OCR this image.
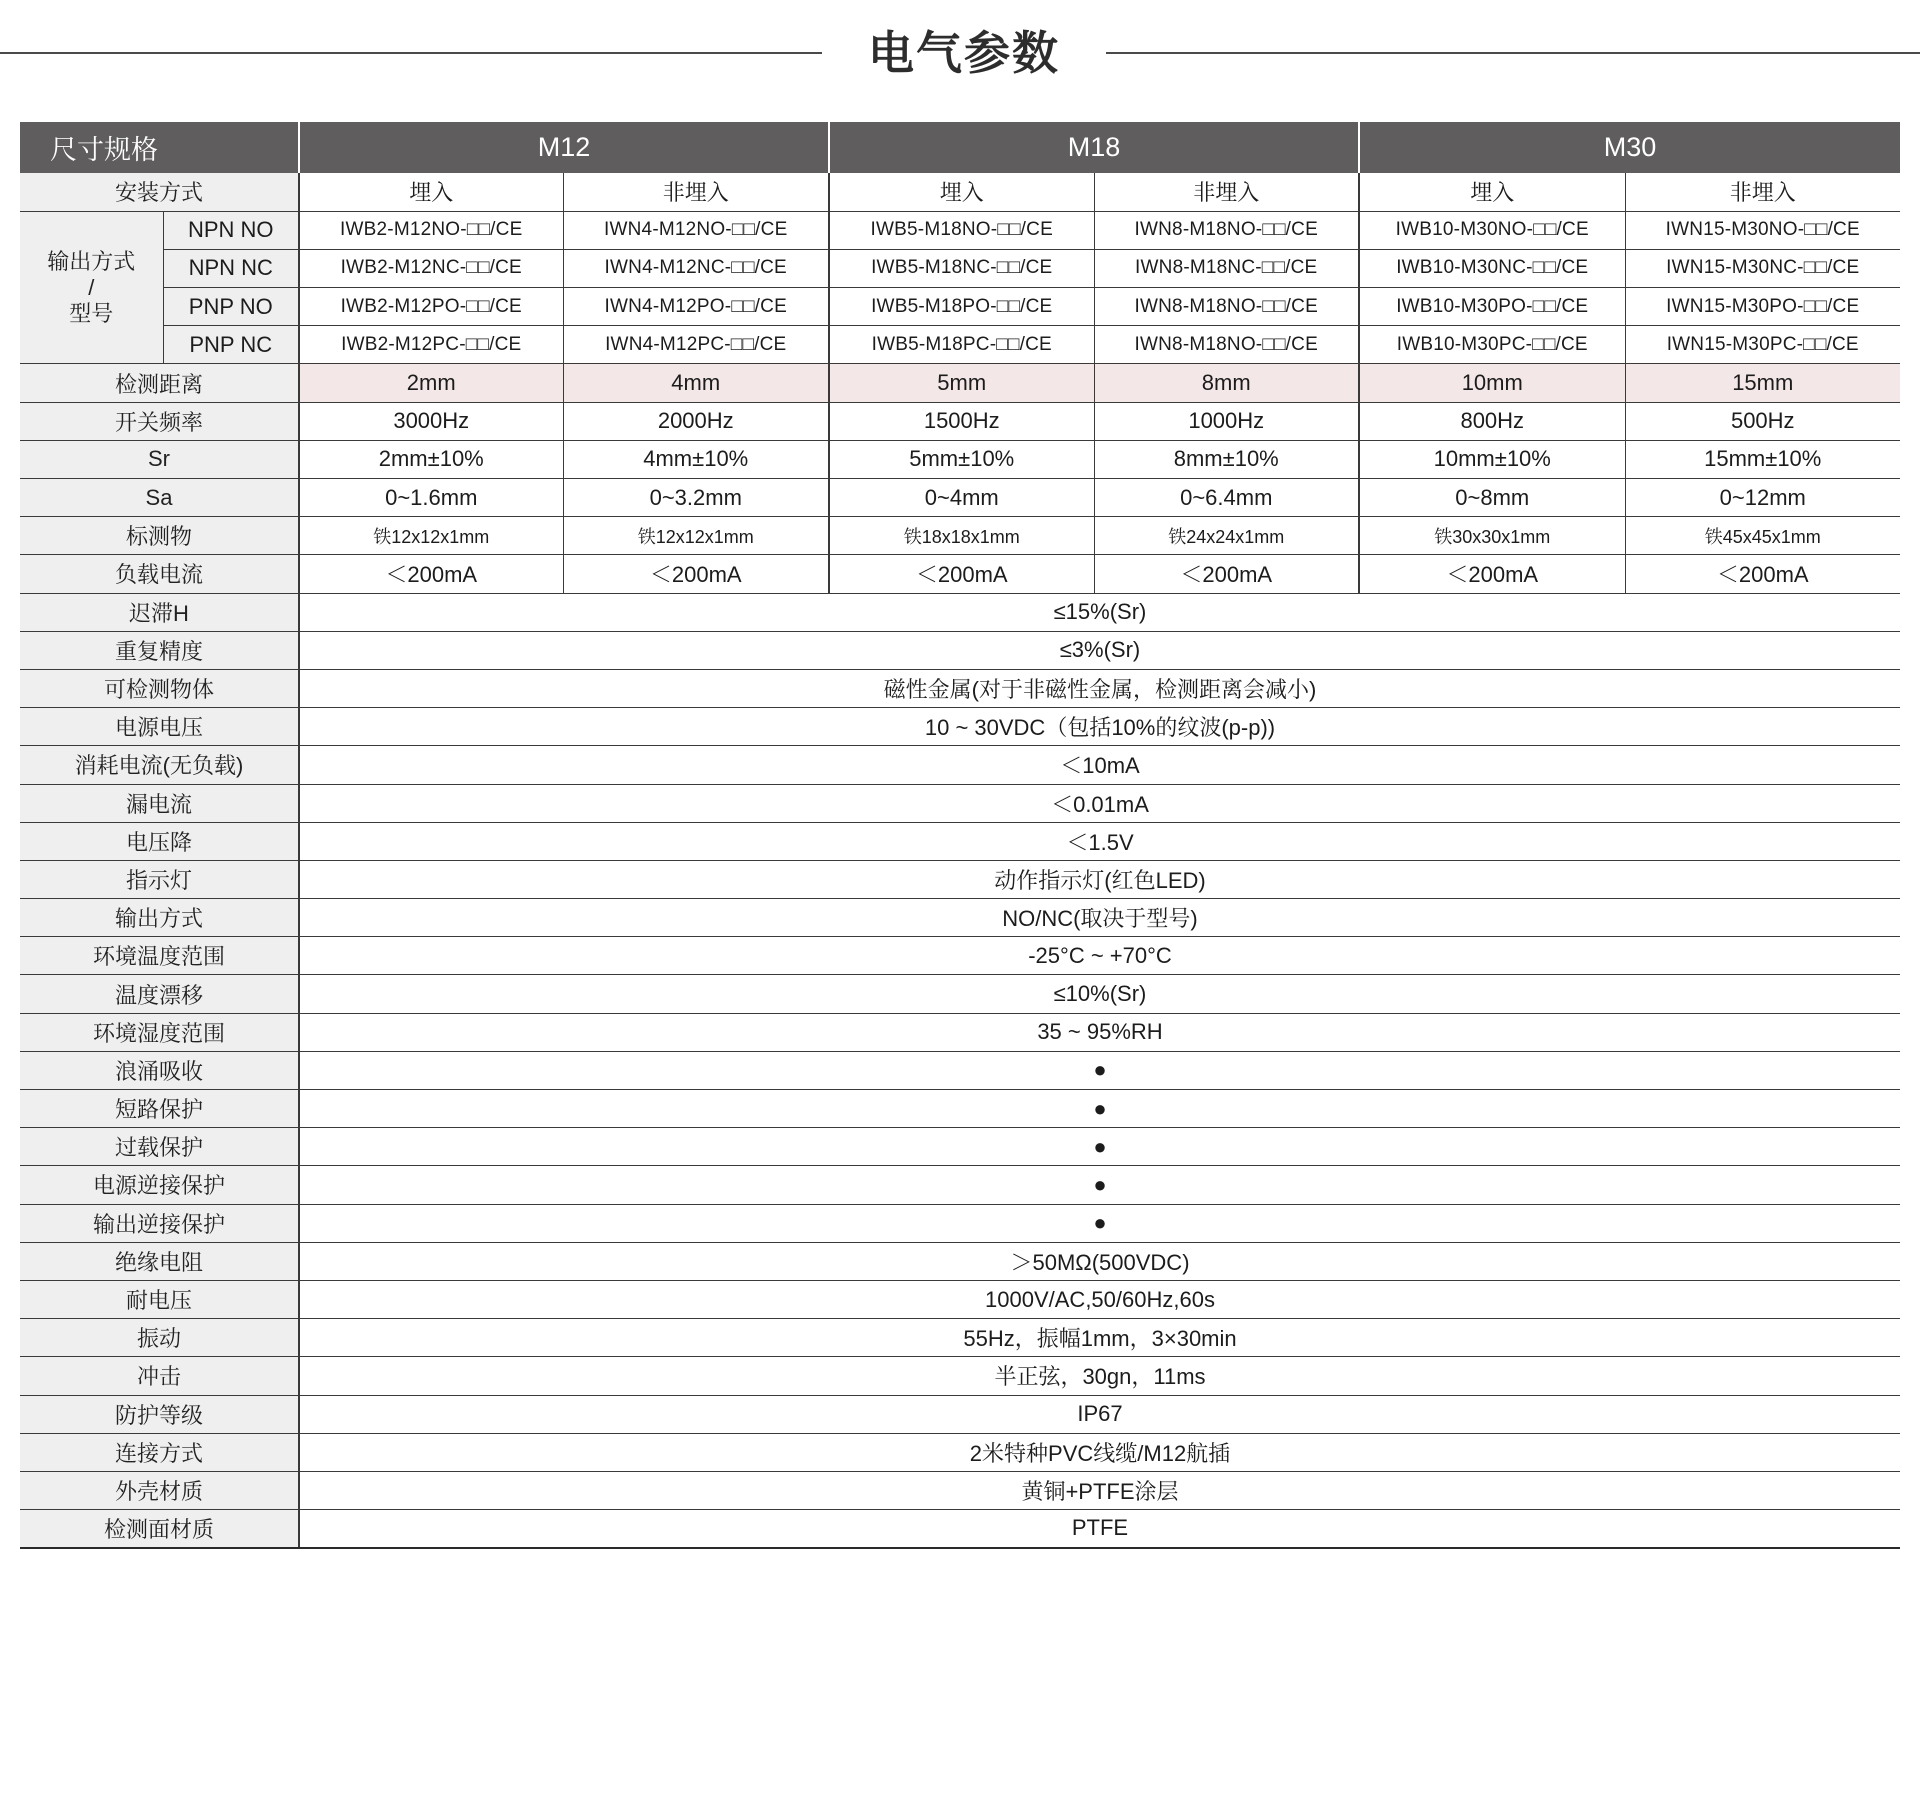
电气参数
尺寸规格		M12		M18		M30	
安装方式		埋入	非埋入	埋入	非埋入	埋入	非埋入

输出方式
/
型号	NPN NO	IWB2-M12NO-□□/CE	IWN4-M12NO-□□/CE	IWB5-M18NO-□□/CE	IWN8-M18NO-□□/CE	IWB10-M30NO-□□/CE	IWN15-M30NO-□□/CE
	NPN NC	IWB2-M12NC-□□/CE	IWN4-M12NC-□□/CE	IWB5-M18NC-□□/CE	IWN8-M18NC-□□/CE	IWB10-M30NC-□□/CE	IWN15-M30NC-□□/CE
	PNP NO	IWB2-M12PO-□□/CE	IWN4-M12PO-□□/CE	IWB5-M18PO-□□/CE	IWN8-M18NO-□□/CE	IWB10-M30PO-□□/CE	IWN15-M30PO-□□/CE
	PNP NC	IWB2-M12PC-□□/CE	IWN4-M12PC-□□/CE	IWB5-M18PC-□□/CE	IWN8-M18NO-□□/CE	IWB10-M30PC-□□/CE	IWN15-M30PC-□□/CE
检测距离		2mm	4mm	5mm	8mm	10mm	15mm
开关频率		3000Hz	2000Hz	1500Hz	1000Hz	800Hz	500Hz
Sr		2mm±10%	4mm±10%	5mm±10%	8mm±10%	10mm±10%	15mm±10%
Sa		0~1.6mm	0~3.2mm	0~4mm	0~6.4mm	0~8mm	0~12mm
标测物		铁12x12x1mm	铁12x12x1mm	铁18x18x1mm	铁24x24x1mm	铁30x30x1mm	铁45x45x1mm
负载电流		＜200mA	＜200mA	＜200mA	＜200mA	＜200mA	＜200mA
迟滞H		≤15%(Sr)					
重复精度		≤3%(Sr)					
可检测物体		磁性金属(对于非磁性金属，检测距离会减小)					
电源电压		10 ~ 30VDC（包括10%的纹波(p-p))					
消耗电流(无负载)		＜10mA					
漏电流		＜0.01mA					
电压降		＜1.5V					
指示灯		动作指示灯(红色LED)					
输出方式		NO/NC(取决于型号)					
环境温度范围		-25°C ~ +70°C					
温度漂移		≤10%(Sr)					
环境湿度范围		35 ~ 95%RH					
浪涌吸收		●					
短路保护		●					
过载保护		●					
电源逆接保护		●					
输出逆接保护		●					
绝缘电阻		＞50MΩ(500VDC)					
耐电压		1000V/AC,50/60Hz,60s					
振动		55Hz，振幅1mm，3×30min					
冲击		半正弦，30gn，11ms					
防护等级		IP67					
连接方式		2米特种PVC线缆/M12航插					
外壳材质		黄铜+PTFE涂层					
检测面材质		PTFE					
